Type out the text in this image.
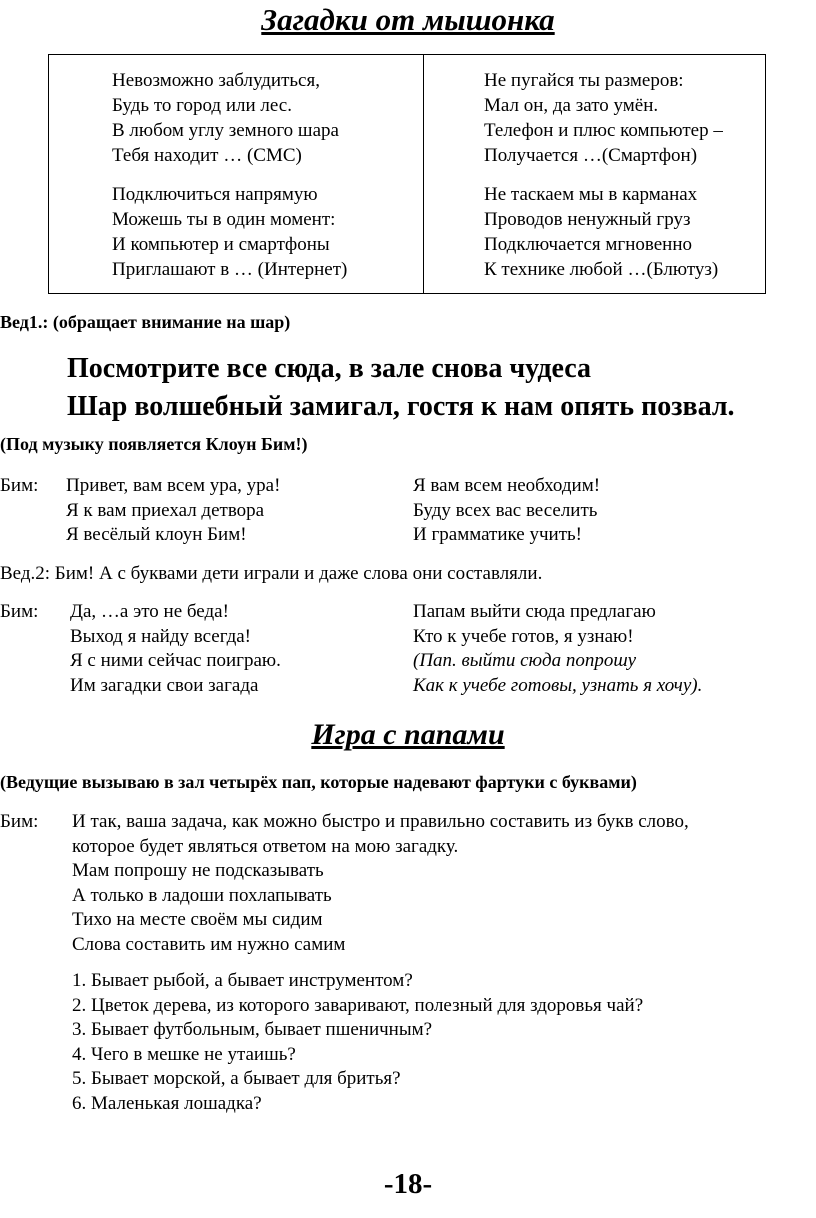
Загадки от мышонка
Невозможно заблудиться,
Будь то город или лес.
В любом углу земного шара
Тебя находит … (СМС)
Подключиться напрямую
Можешь ты в один момент:
И компьютер и смартфоны
Приглашают в … (Интернет)
Не пугайся ты размеров:
Мал он, да зато умён.
Телефон и плюс компьютер –
Получается …(Смартфон)
Не таскаем мы в карманах
Проводов ненужный груз
Подключается мгновенно
К технике любой …(Блютуз)
Вед1.: (обращает внимание на шар)
Посмотрите все сюда, в зале снова чудеса
Шар волшебный замигал, гостя к нам опять позвал.
(Под музыку появляется Клоун Бим!)
Бим: Привет, вам всем ура, ура!
Я к вам приехал детвора
Я весёлый клоун Бим!
Я вам всем необходим!
Буду всех вас веселить
И грамматике учить!
Вед.2: Бим! А с буквами дети играли и даже слова они составляли.
Бим: Да, …а это не беда!
Выход я найду всегда!
Я с ними сейчас поиграю.
Им загадки свои загада
Папам выйти сюда предлагаю
Кто к учебе готов, я узнаю!
(Пап. выйти сюда попрошу
Как к учебе готовы, узнать я хочу).
Игра с папами
(Ведущие вызываю в зал четырёх пап, которые надевают фартуки с буквами)
Бим: И так, ваша задача, как можно быстро и правильно составить из букв слово,
которое будет являться ответом на мою загадку.
Мам попрошу не подсказывать
А только в ладоши похлапывать
Тихо на месте своём мы сидим
Слова составить им нужно самим
1. Бывает рыбой, а бывает инструментом?
2. Цветок дерева, из которого заваривают, полезный для здоровья чай?
3. Бывает футбольным, бывает пшеничным?
4. Чего в мешке не утаишь?
5. Бывает морской, а бывает для бритья?
6. Маленькая лошадка?
-18-
